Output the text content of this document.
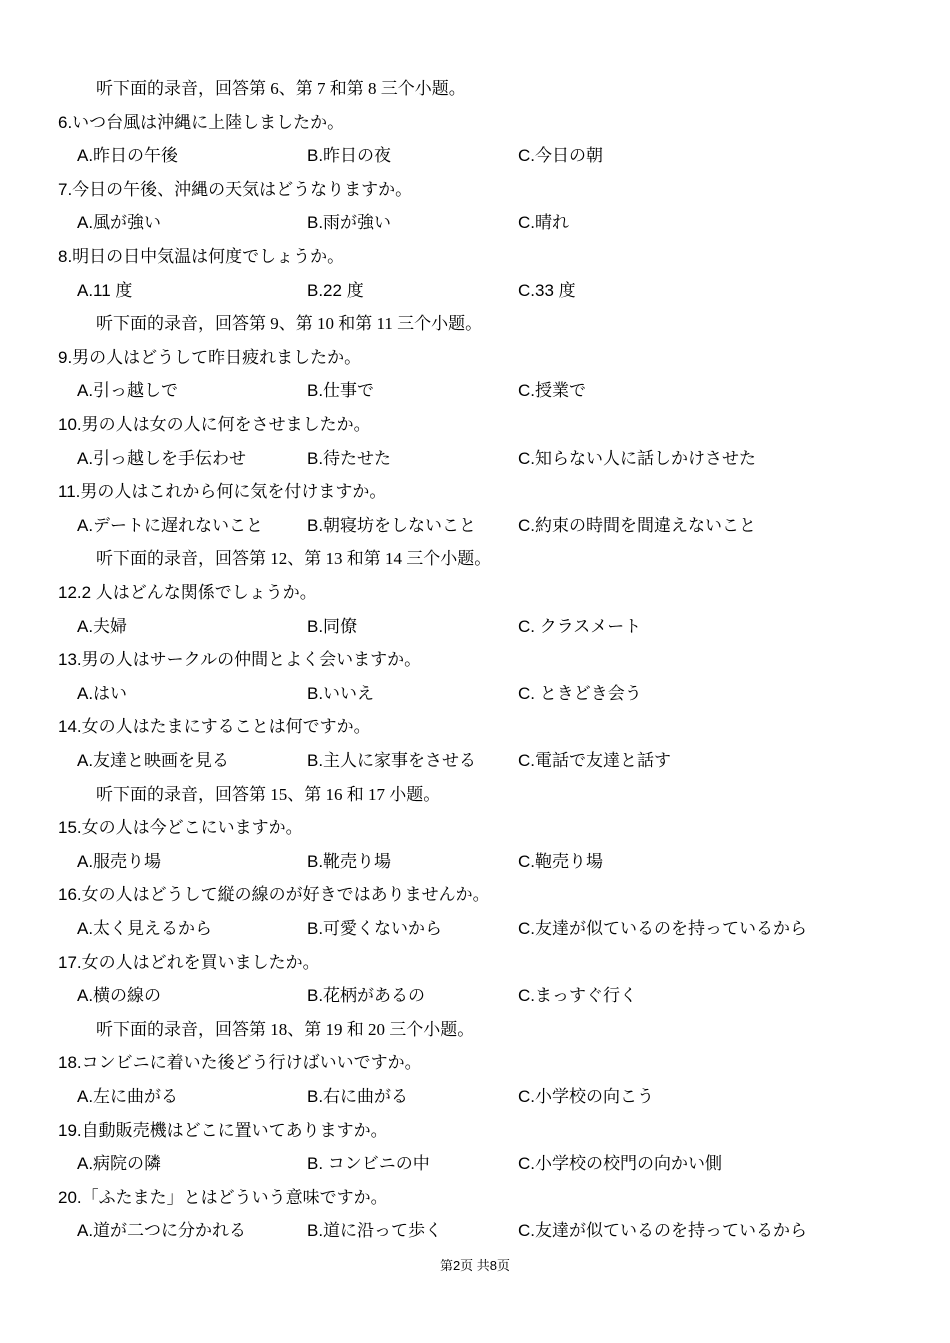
听下面的录音，回答第 6、第 7 和第 8 三个小题。
6.いつ台風は沖縄に上陸しましたか。
A.昨日の午後	B.昨日の夜	C.今日の朝
7.今日の午後、沖縄の天気はどうなりますか。
A.風が強い	B.雨が強い	C.晴れ
8.明日の日中気温は何度でしょうか。
A.11 度	B.22 度	C.33 度
听下面的录音，回答第 9、第 10 和第 11 三个小题。
9.男の人はどうして昨日疲れましたか。
A.引っ越しで	B.仕事で	C.授業で
10.男の人は女の人に何をさせましたか。
A.引っ越しを手伝わせ	B.待たせた	C.知らない人に話しかけさせた
11.男の人はこれから何に気を付けますか。
A.デートに遅れないこと	B.朝寝坊をしないこと C.約束の時間を間違えないこと
听下面的录音，回答第 12、第 13 和第 14 三个小题。
12.2 人はどんな関係でしょうか。
A.夫婦	B.同僚	C. クラスメート
13.男の人はサークルの仲間とよく会いますか。
A.はい	B.いいえ	C. ときどき会う
14.女の人はたまにすることは何ですか。
A.友達と映画を見る	B.主人に家事をさせる C.電話で友達と話す
听下面的录音，回答第 15、第 16 和 17 小题。
15.女の人は今どこにいますか。
A.服売り場	B.靴売り場	C.鞄売り場
16.女の人はどうして縦の線のが好きではありませんか。
A.太く見えるから	B.可愛くないから	C.友達が似ているのを持っているから
17.女の人はどれを買いましたか。
A.横の線の	B.花柄があるの	C.まっすぐ行く
听下面的录音，回答第 18、第 19 和 20 三个小题。
18.コンビニに着いた後どう行けばいいですか。
A.左に曲がる	B.右に曲がる	C.小学校の向こう
19.自動販売機はどこに置いてありますか。
A.病院の隣	B. コンビニの中	C.小学校の校門の向かい側
20.「ふたまた」とはどういう意味ですか。
A.道が二つに分かれる	B.道に沿って歩く	C.友達が似ているのを持っているから
第2页 共8页
